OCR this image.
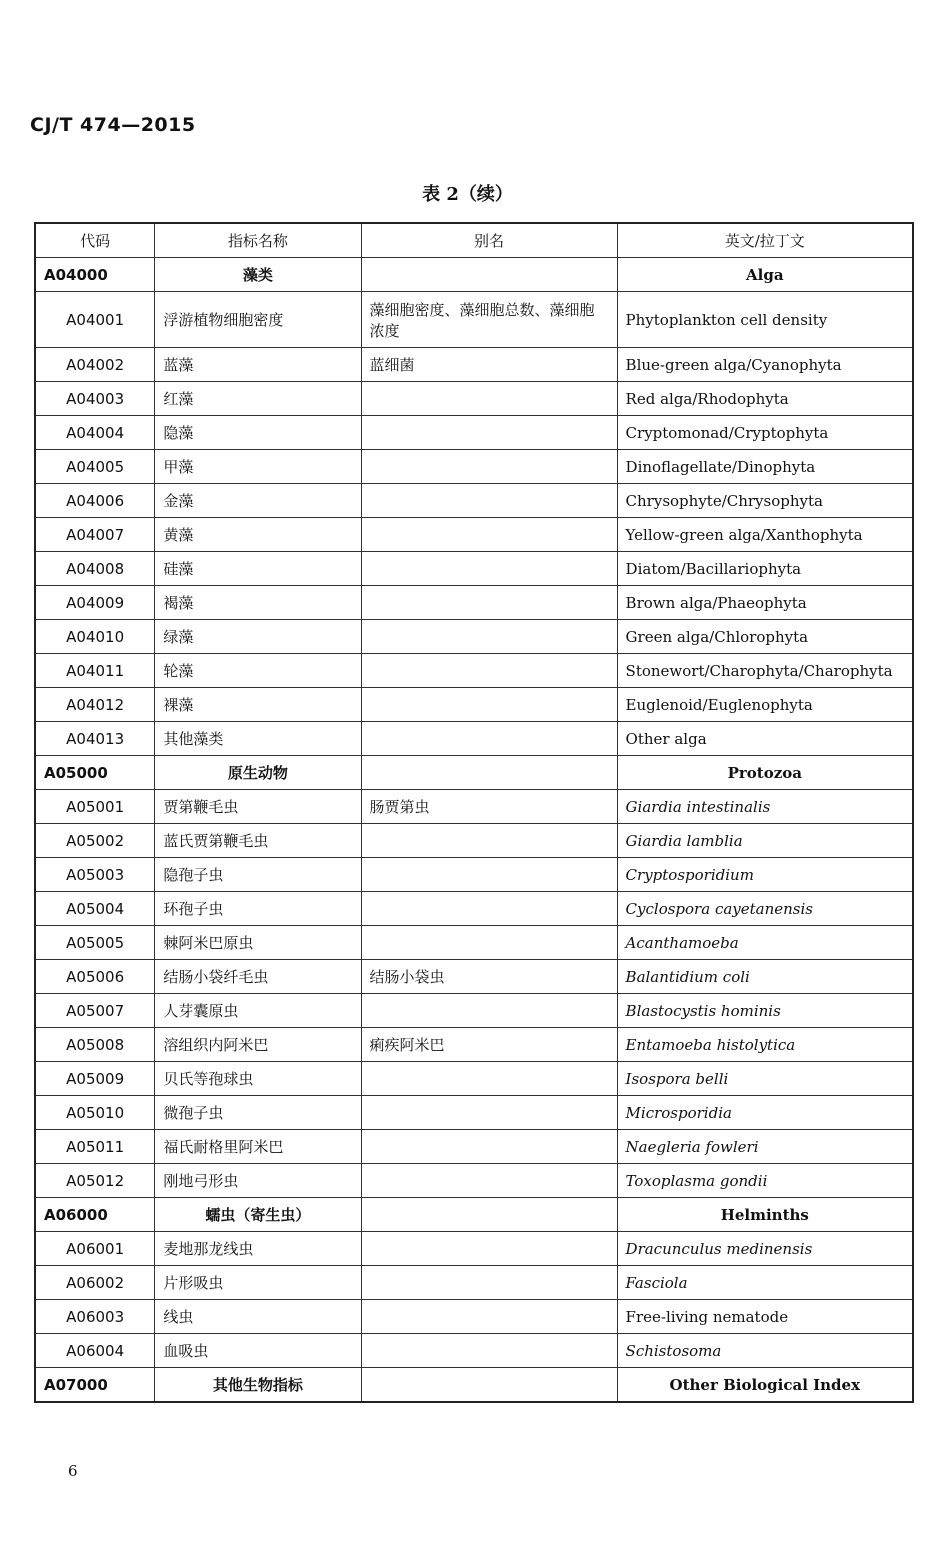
CJ/T 474—2015
表 2（续）
代码	指标名称	别名	英文/拉丁文
A04000	藻类		Alga
A04001	浮游植物细胞密度	藻细胞密度、藻细胞总数、藻细胞浓度	Phytoplankton cell density
A04002	蓝藻	蓝细菌	Blue-green alga/Cyanophyta
A04003	红藻		Red alga/Rhodophyta
A04004	隐藻		Cryptomonad/Cryptophyta
A04005	甲藻		Dinoflagellate/Dinophyta
A04006	金藻		Chrysophyte/Chrysophyta
A04007	黄藻		Yellow-green alga/Xanthophyta
A04008	硅藻		Diatom/Bacillariophyta
A04009	褐藻		Brown alga/Phaeophyta
A04010	绿藻		Green alga/Chlorophyta
A04011	轮藻		Stonewort/Charophyta/Charophyta
A04012	裸藻		Euglenoid/Euglenophyta
A04013	其他藻类		Other alga
A05000	原生动物		Protozoa
A05001	贾第鞭毛虫	肠贾第虫	Giardia intestinalis
A05002	蓝氏贾第鞭毛虫		Giardia lamblia
A05003	隐孢子虫		Cryptosporidium
A05004	环孢子虫		Cyclospora cayetanensis
A05005	棘阿米巴原虫		Acanthamoeba
A05006	结肠小袋纤毛虫	结肠小袋虫	Balantidium coli
A05007	人芽囊原虫		Blastocystis hominis
A05008	溶组织内阿米巴	痢疾阿米巴	Entamoeba histolytica
A05009	贝氏等孢球虫		Isospora belli
A05010	微孢子虫		Microsporidia
A05011	福氏耐格里阿米巴		Naegleria fowleri
A05012	刚地弓形虫		Toxoplasma gondii
A06000	蠕虫（寄生虫）		Helminths
A06001	麦地那龙线虫		Dracunculus medinensis
A06002	片形吸虫		Fasciola
A06003	线虫		Free-living nematode
A06004	血吸虫		Schistosoma
A07000	其他生物指标		Other Biological Index
6
